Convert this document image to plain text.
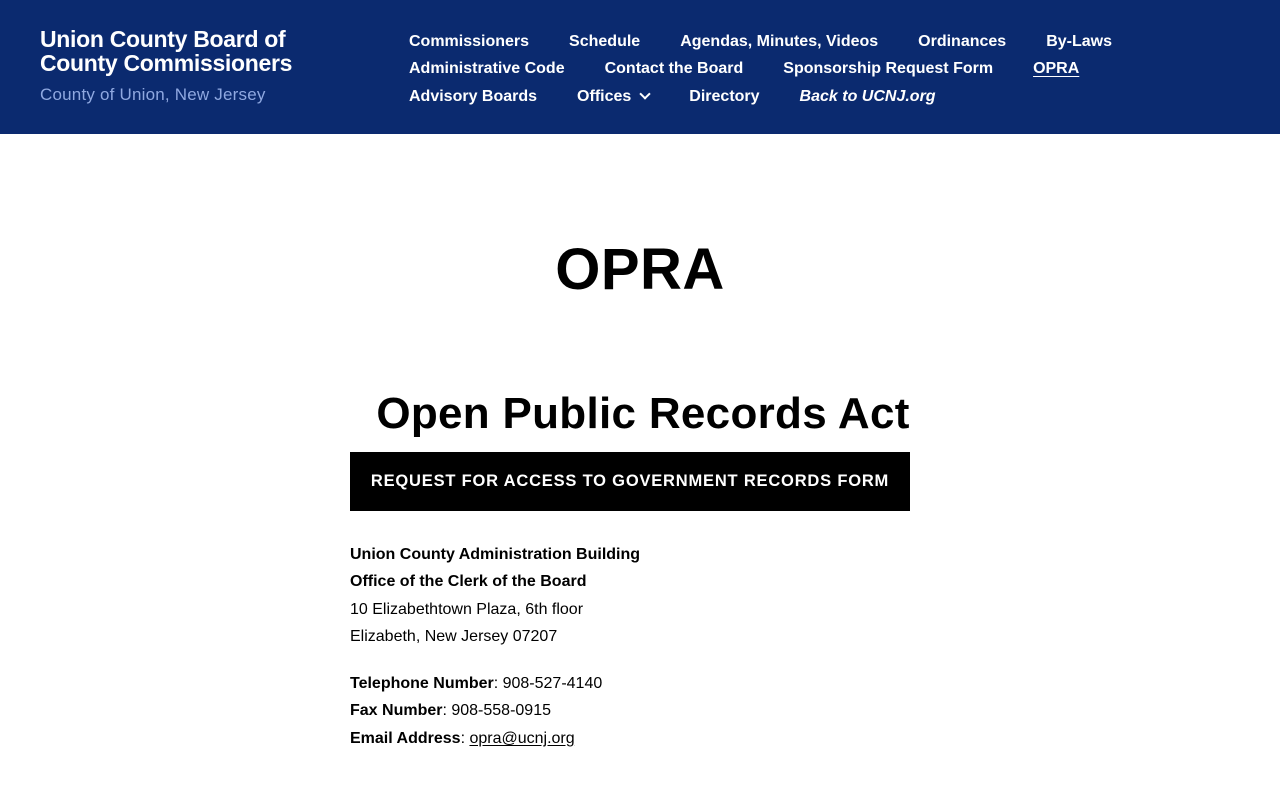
Union County Board of
County Commissioners
County of Union, New Jersey
Commissioners	Schedule	Agendas, Minutes, Videos	Ordinances	By-Laws
Administrative Code	Contact the Board	Sponsorship Request Form	OPRA
Advisory Boards	Offices	Directory	Back to UCNJ.org
OPRA
Open Public Records Act
REQUEST FOR ACCESS TO GOVERNMENT RECORDS FORM
Union County Administration Building
Office of the Clerk of the Board
10 Elizabethtown Plaza, 6th floor
Elizabeth, New Jersey 07207
Telephone Number: 908-527-4140
Fax Number: 908-558-0915
Email Address: opra@ucnj.org
